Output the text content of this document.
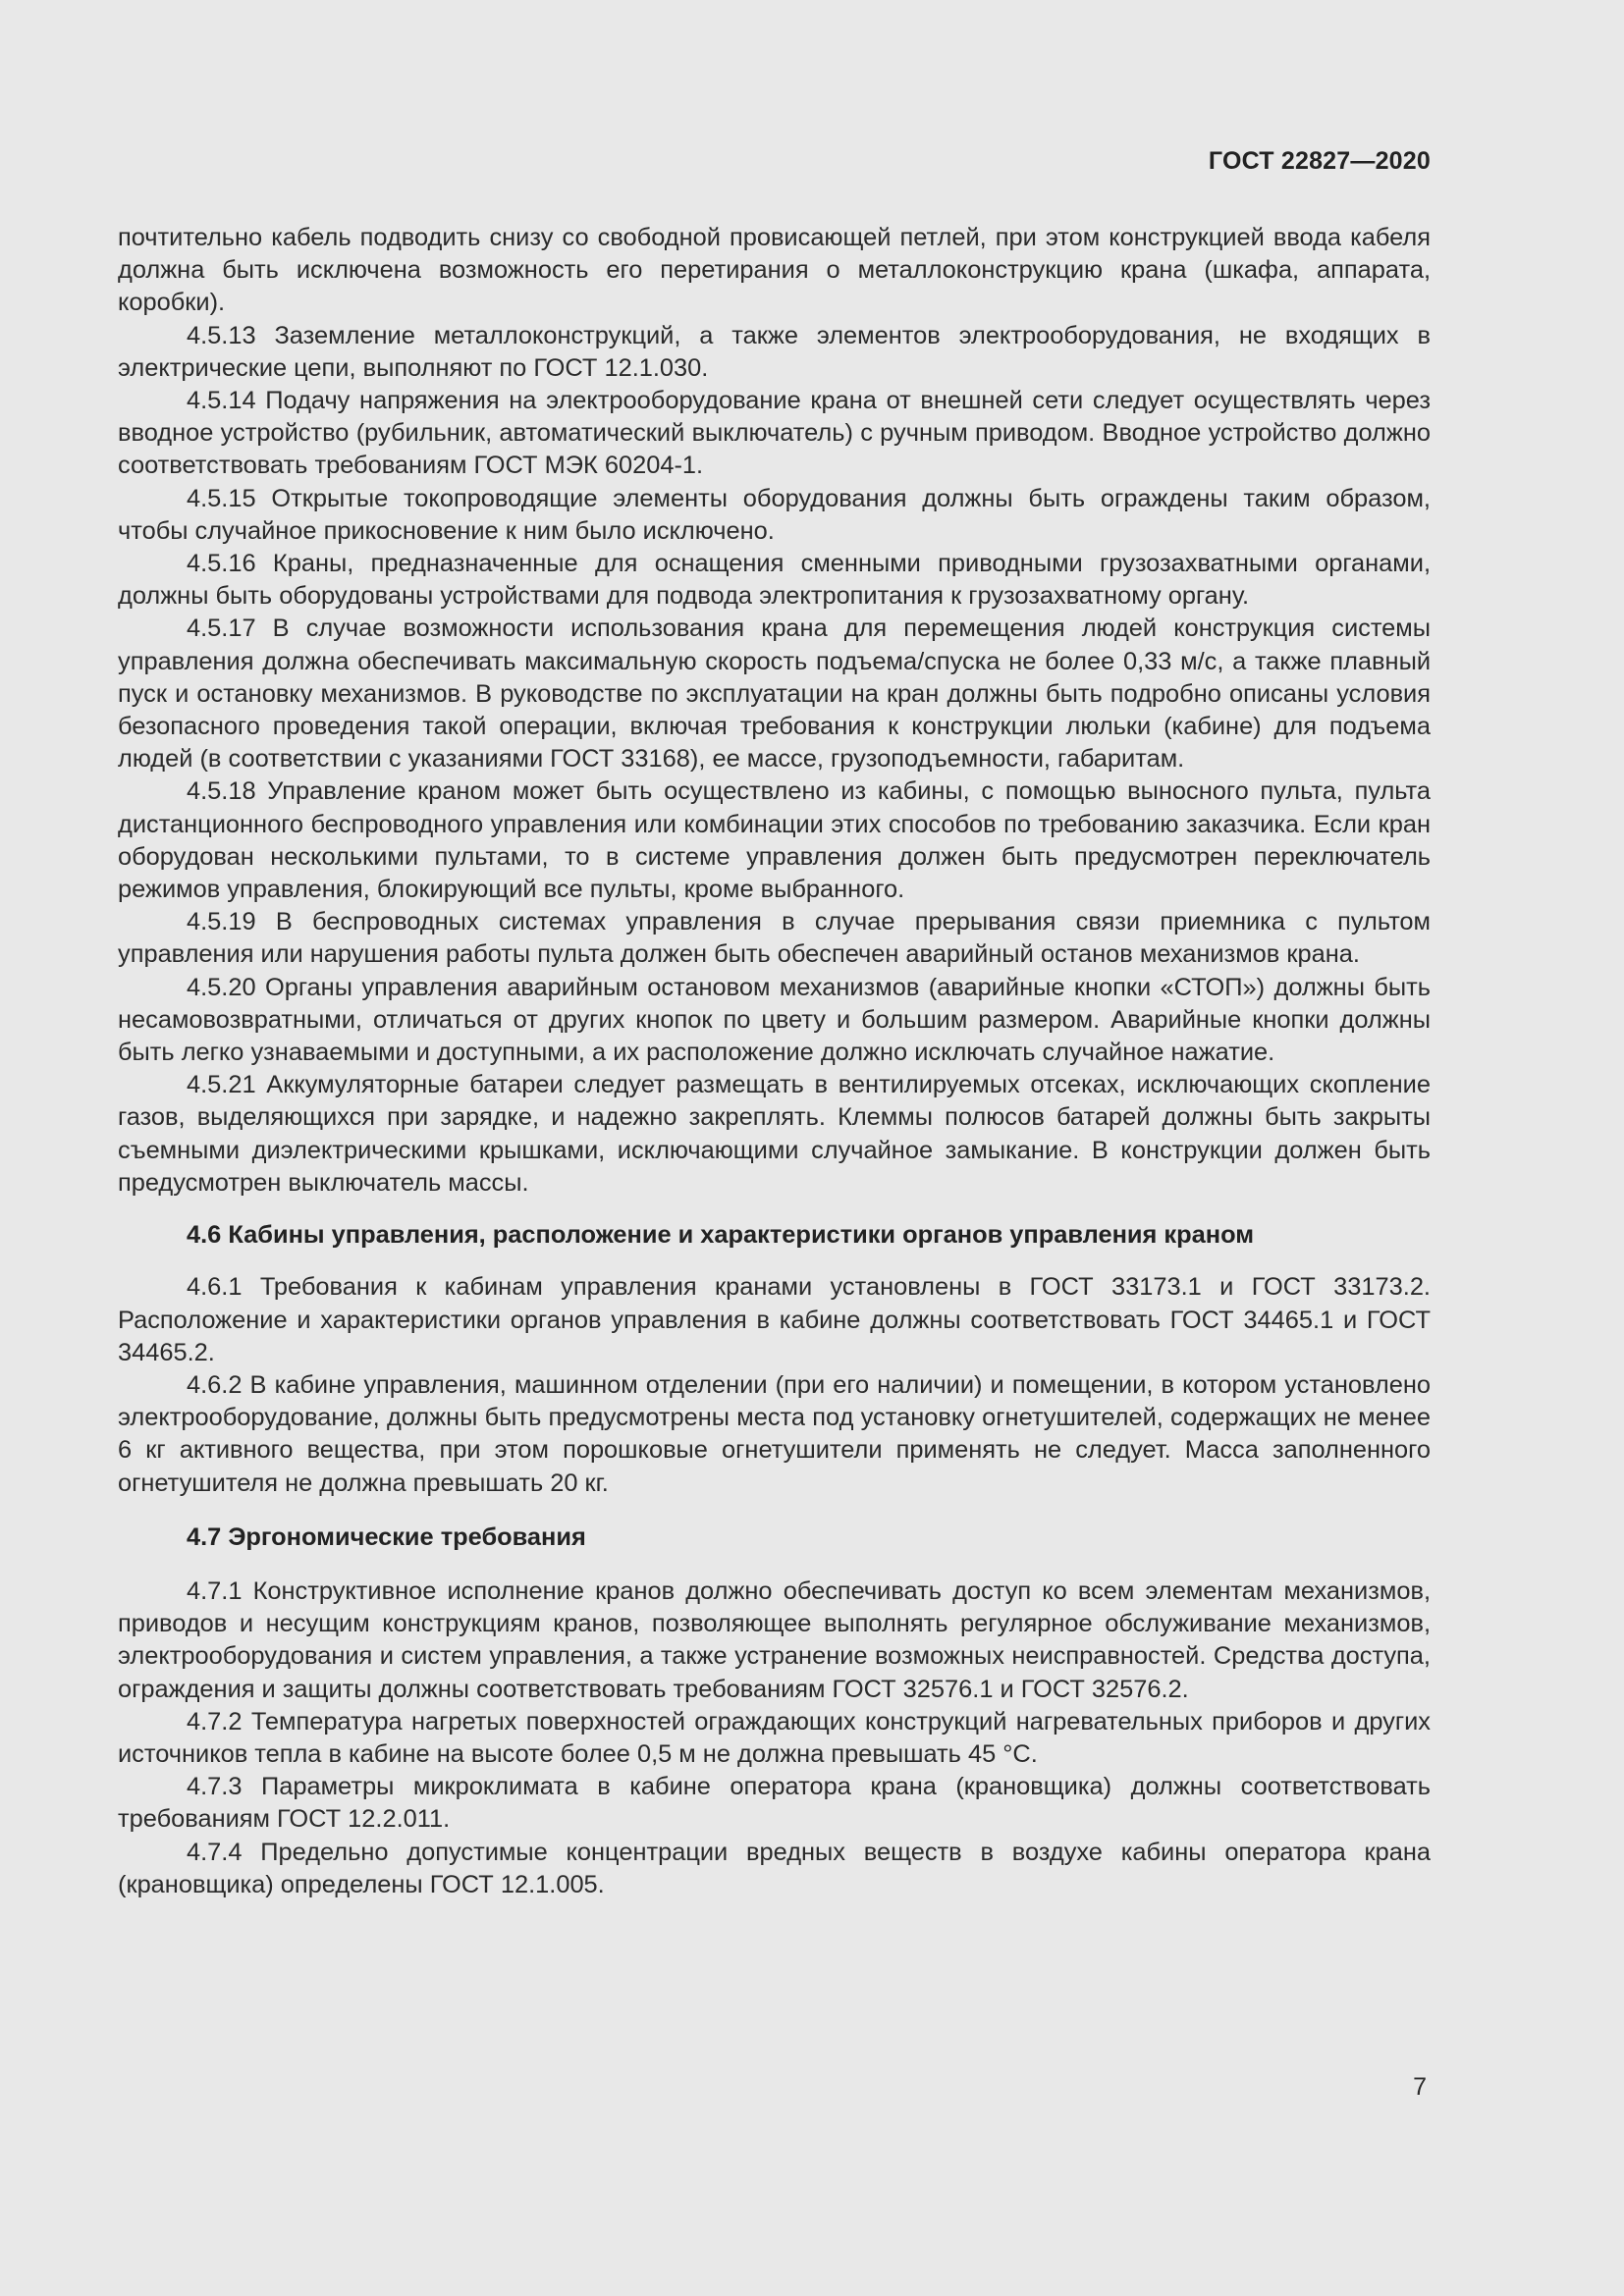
ГОСТ 22827—2020

почтительно кабель подводить снизу со свободной провисающей петлей, при этом конструкцией ввода кабеля должна быть исключена возможность его перетирания о металлоконструкцию крана (шкафа, аппарата, коробки).

4.5.13 Заземление металлоконструкций, а также элементов электрооборудования, не входящих в электрические цепи, выполняют по ГОСТ 12.1.030.

4.5.14 Подачу напряжения на электрооборудование крана от внешней сети следует осуществлять через вводное устройство (рубильник, автоматический выключатель) с ручным приводом. Вводное устройство должно соответствовать требованиям ГОСТ МЭК 60204-1.

4.5.15 Открытые токопроводящие элементы оборудования должны быть ограждены таким образом, чтобы случайное прикосновение к ним было исключено.

4.5.16 Краны, предназначенные для оснащения сменными приводными грузозахватными органами, должны быть оборудованы устройствами для подвода электропитания к грузозахватному органу.

4.5.17 В случае возможности использования крана для перемещения людей конструкция системы управления должна обеспечивать максимальную скорость подъема/спуска не более 0,33 м/с, а также плавный пуск и остановку механизмов. В руководстве по эксплуатации на кран должны быть подробно описаны условия безопасного проведения такой операции, включая требования к конструкции люльки (кабине) для подъема людей (в соответствии с указаниями ГОСТ 33168), ее массе, грузоподъемности, габаритам.

4.5.18 Управление краном может быть осуществлено из кабины, с помощью выносного пульта, пульта дистанционного беспроводного управления или комбинации этих способов по требованию заказчика. Если кран оборудован несколькими пультами, то в системе управления должен быть предусмотрен переключатель режимов управления, блокирующий все пульты, кроме выбранного.

4.5.19 В беспроводных системах управления в случае прерывания связи приемника с пультом управления или нарушения работы пульта должен быть обеспечен аварийный останов механизмов крана.

4.5.20 Органы управления аварийным остановом механизмов (аварийные кнопки «СТОП») должны быть несамовозвратными, отличаться от других кнопок по цвету и большим размером. Аварийные кнопки должны быть легко узнаваемыми и доступными, а их расположение должно исключать случайное нажатие.

4.5.21 Аккумуляторные батареи следует размещать в вентилируемых отсеках, исключающих скопление газов, выделяющихся при зарядке, и надежно закреплять. Клеммы полюсов батарей должны быть закрыты съемными диэлектрическими крышками, исключающими случайное замыкание. В конструкции должен быть предусмотрен выключатель массы.

4.6 Кабины управления, расположение и характеристики органов управления краном

4.6.1 Требования к кабинам управления кранами установлены в ГОСТ 33173.1 и ГОСТ 33173.2. Расположение и характеристики органов управления в кабине должны соответствовать ГОСТ 34465.1 и ГОСТ 34465.2.

4.6.2 В кабине управления, машинном отделении (при его наличии) и помещении, в котором установлено электрооборудование, должны быть предусмотрены места под установку огнетушителей, содержащих не менее 6 кг активного вещества, при этом порошковые огнетушители применять не следует. Масса заполненного огнетушителя не должна превышать 20 кг.

4.7 Эргономические требования

4.7.1 Конструктивное исполнение кранов должно обеспечивать доступ ко всем элементам механизмов, приводов и несущим конструкциям кранов, позволяющее выполнять регулярное обслуживание механизмов, электрооборудования и систем управления, а также устранение возможных неисправностей. Средства доступа, ограждения и защиты должны соответствовать требованиям ГОСТ 32576.1 и ГОСТ 32576.2.

4.7.2 Температура нагретых поверхностей ограждающих конструкций нагревательных приборов и других источников тепла в кабине на высоте более 0,5 м не должна превышать 45 °С.

4.7.3 Параметры микроклимата в кабине оператора крана (крановщика) должны соответствовать требованиям ГОСТ 12.2.011.

4.7.4 Предельно допустимые концентрации вредных веществ в воздухе кабины оператора крана (крановщика) определены ГОСТ 12.1.005.

7
